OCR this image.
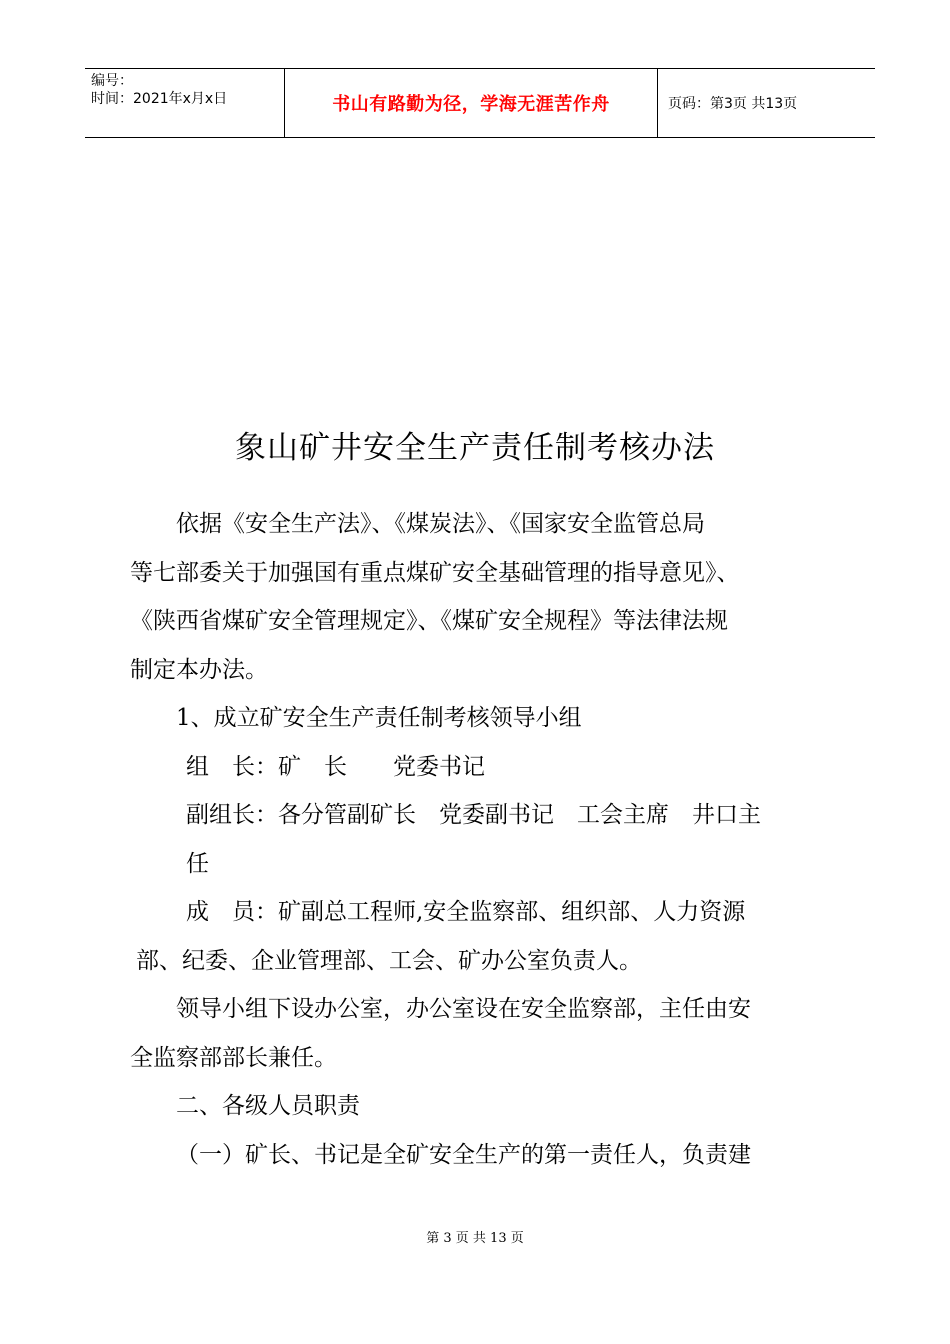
编号：
时间：2021年x月x日	书山有路勤为径，学海无涯苦作舟	页码：第3页 共13页
象山矿井安全生产责任制考核办法

依据《安全生产法》、《煤炭法》、《国家安全监管总局

等七部委关于加强国有重点煤矿安全基础管理的指导意见》、

《陕西省煤矿安全管理规定》、《煤矿安全规程》等法律法规

制定本办法。

1、成立矿安全生产责任制考核领导小组

组　长：矿　长　　党委书记

副组长：各分管副矿长　党委副书记　工会主席　井口主

任

成　员：矿副总工程师,安全监察部、组织部、人力资源

部、纪委、企业管理部、工会、矿办公室负责人。

领导小组下设办公室，办公室设在安全监察部，主任由安

全监察部部长兼任。

二、各级人员职责

（一）矿长、书记是全矿安全生产的第一责任人，负责建

第 3 页 共 13 页
